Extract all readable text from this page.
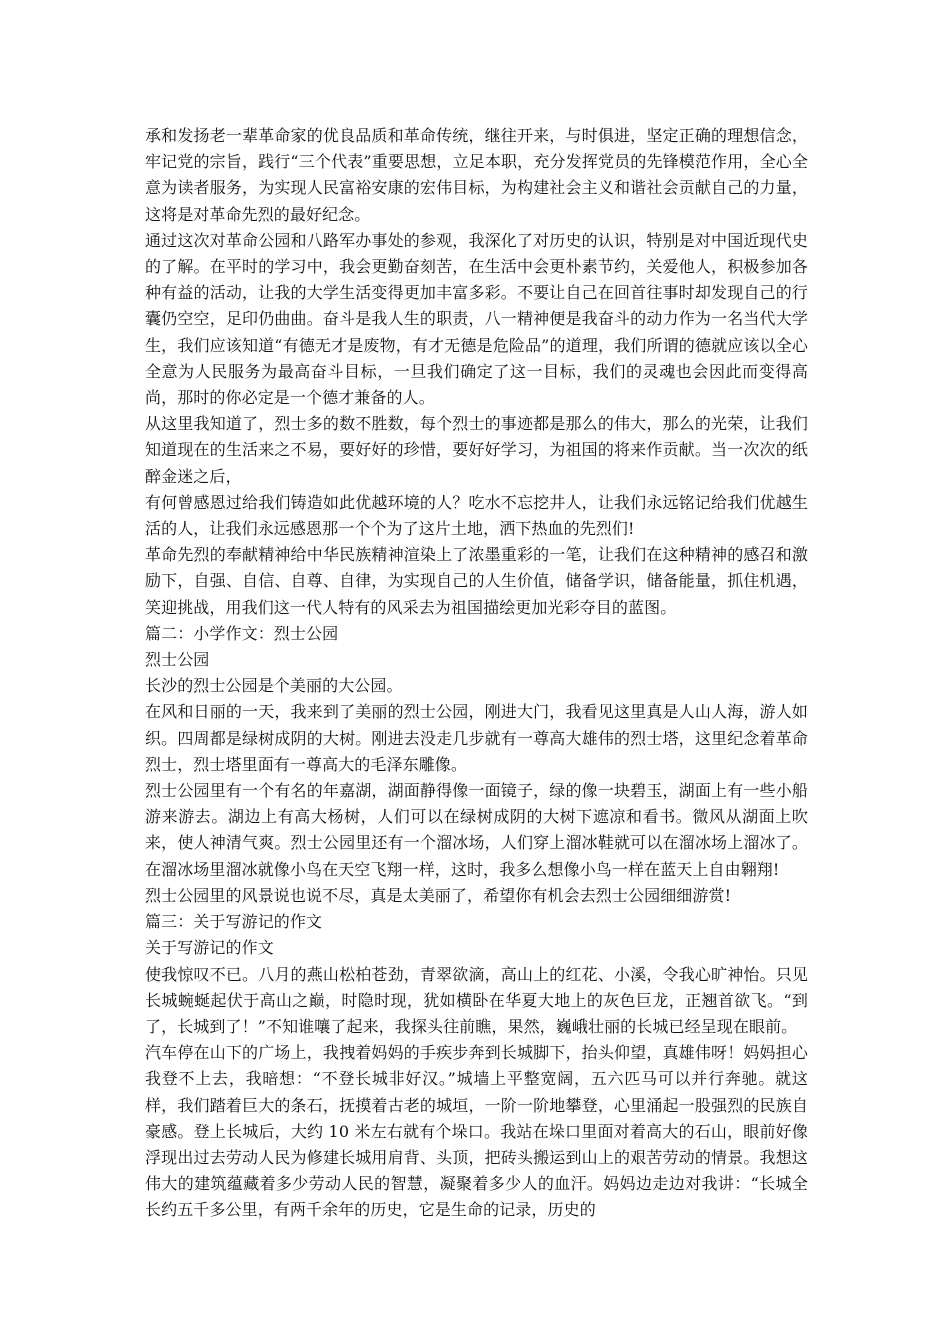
承和发扬老一辈革命家的优良品质和革命传统，继往开来，与时俱进，坚定正确的理想信念，牢记党的宗旨，践行“三个代表”重要思想，立足本职，充分发挥党员的先锋模范作用，全心全意为读者服务，为实现人民富裕安康的宏伟目标，为构建社会主义和谐社会贡献自己的力量，这将是对革命先烈的最好纪念。

通过这次对革命公园和八路军办事处的参观，我深化了对历史的认识，特别是对中国近现代史的了解。在平时的学习中，我会更勤奋刻苦，在生活中会更朴素节约，关爱他人，积极参加各种有益的活动，让我的大学生活变得更加丰富多彩。不要让自己在回首往事时却发现自己的行囊仍空空，足印仍曲曲。奋斗是我人生的职责，八一精神便是我奋斗的动力作为一名当代大学生，我们应该知道“有德无才是废物，有才无德是危险品”的道理，我们所谓的德就应该以全心全意为人民服务为最高奋斗目标，一旦我们确定了这一目标，我们的灵魂也会因此而变得高尚，那时的你必定是一个德才兼备的人。

从这里我知道了，烈士多的数不胜数，每个烈士的事迹都是那么的伟大，那么的光荣，让我们知道现在的生活来之不易，要好好的珍惜，要好好学习，为祖国的将来作贡献。当一次次的纸醉金迷之后，

有何曾感恩过给我们铸造如此优越环境的人？吃水不忘挖井人，让我们永远铭记给我们优越生活的人，让我们永远感恩那一个个为了这片土地，洒下热血的先烈们!

革命先烈的奉献精神给中华民族精神渲染上了浓墨重彩的一笔，让我们在这种精神的感召和激励下，自强、自信、自尊、自律，为实现自己的人生价值，储备学识，储备能量，抓住机遇，笑迎挑战，用我们这一代人特有的风采去为祖国描绘更加光彩夺目的蓝图。

篇二：小学作文：烈士公园

烈士公园

长沙的烈士公园是个美丽的大公园。

在风和日丽的一天，我来到了美丽的烈士公园，刚进大门，我看见这里真是人山人海，游人如织。四周都是绿树成阴的大树。刚进去没走几步就有一尊高大雄伟的烈士塔，这里纪念着革命烈士，烈士塔里面有一尊高大的毛泽东雕像。

烈士公园里有一个有名的年嘉湖，湖面静得像一面镜子，绿的像一块碧玉，湖面上有一些小船游来游去。湖边上有高大杨树，人们可以在绿树成阴的大树下遮凉和看书。微风从湖面上吹来，使人神清气爽。烈士公园里还有一个溜冰场，人们穿上溜冰鞋就可以在溜冰场上溜冰了。在溜冰场里溜冰就像小鸟在天空飞翔一样，这时，我多么想像小鸟一样在蓝天上自由翱翔!

烈士公园里的风景说也说不尽，真是太美丽了，希望你有机会去烈士公园细细游赏!

篇三：关于写游记的作文

关于写游记的作文

使我惊叹不已。八月的燕山松柏苍劲，青翠欲滴，高山上的红花、小溪，令我心旷神怡。只见长城蜿蜒起伏于高山之巅，时隐时现，犹如横卧在华夏大地上的灰色巨龙，正翘首欲飞。“到了，长城到了！”不知谁嚷了起来，我探头往前瞧，果然，巍峨壮丽的长城已经呈现在眼前。

汽车停在山下的广场上，我拽着妈妈的手疾步奔到长城脚下，抬头仰望，真雄伟呀！妈妈担心我登不上去，我暗想：“不登长城非好汉。”城墙上平整宽阔，五六匹马可以并行奔驰。就这样，我们踏着巨大的条石，抚摸着古老的城垣，一阶一阶地攀登，心里涌起一股强烈的民族自豪感。登上长城后，大约 10 米左右就有个垛口。我站在垛口里面对着高大的石山，眼前好像浮现出过去劳动人民为修建长城用肩背、头顶，把砖头搬运到山上的艰苦劳动的情景。我想这伟大的建筑蕴藏着多少劳动人民的智慧，凝聚着多少人的血汗。妈妈边走边对我讲：“长城全长约五千多公里，有两千余年的历史，它是生命的记录，历史的
